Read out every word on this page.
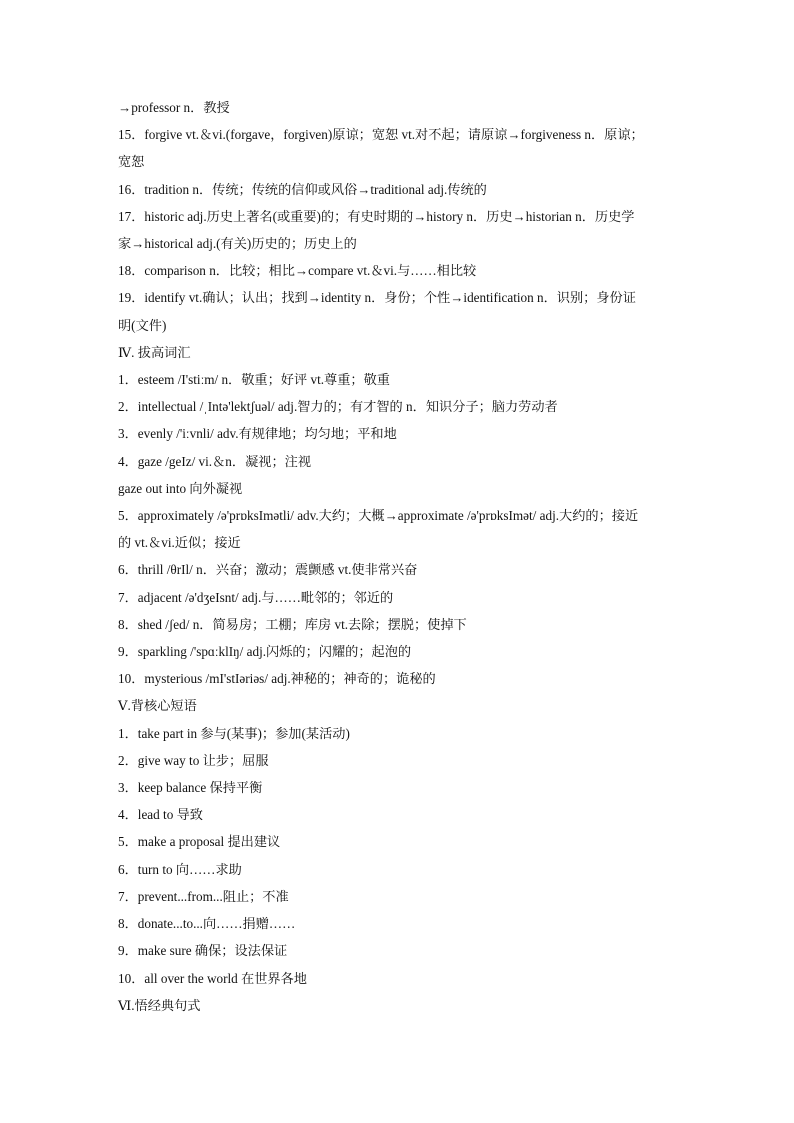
→professor n．教授
15．forgive vt.＆vi.(forgave，forgiven)原谅；宽恕 vt.对不起；请原谅→forgiveness n．原谅；
宽恕
16．tradition n．传统；传统的信仰或风俗→traditional adj.传统的
17．historic adj.历史上著名(或重要)的；有史时期的→history n．历史→historian n．历史学
家→historical adj.(有关)历史的；历史上的
18．comparison n．比较；相比→compare vt.＆vi.与……相比较
19．identify vt.确认；认出；找到→identity n．身份；个性→identification n．识别；身份证
明(文件)
Ⅳ. 拔高词汇
1．esteem /I'stiːm/ n．敬重；好评 vt.尊重；敬重
2．intellectual /ˌIntə'lektʃuəl/ adj.智力的；有才智的 n．知识分子；脑力劳动者
3．evenly /'iːvnli/ adv.有规律地；均匀地；平和地
4．gaze /geIz/ vi.＆n．凝视；注视
gaze out into 向外凝视
5．approximately /ə'prɒksImətli/ adv.大约；大概→approximate /ə'prɒksImət/ adj.大约的；接近
的 vt.＆vi.近似；接近
6．thrill /θrIl/ n．兴奋；激动；震颤感 vt.使非常兴奋
7．adjacent /ə'dʒeIsnt/ adj.与……毗邻的；邻近的
8．shed /ʃed/ n．简易房；工棚；库房 vt.去除；摆脱；使掉下
9．sparkling /'spɑːklIŋ/ adj.闪烁的；闪耀的；起泡的
10．mysterious /mI'stIəriəs/ adj.神秘的；神奇的；诡秘的
Ⅴ.背核心短语
1．take part in 参与(某事)；参加(某活动)
2．give way to 让步；屈服
3．keep balance 保持平衡
4．lead to 导致
5．make a proposal 提出建议
6．turn to 向……求助
7．prevent...from...阻止；不准
8．donate...to...向……捐赠……
9．make sure 确保；设法保证
10．all over the world 在世界各地
Ⅵ.悟经典句式
